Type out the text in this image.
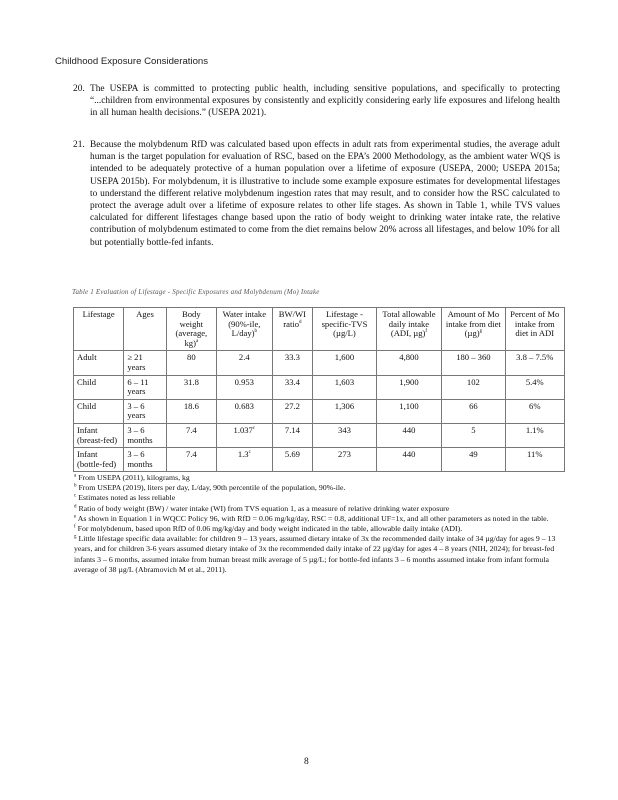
Childhood Exposure Considerations
20. The USEPA is committed to protecting public health, including sensitive populations, and specifically to protecting “...children from environmental exposures by consistently and explicitly considering early life exposures and lifelong health in all human health decisions.” (USEPA 2021).
21. Because the molybdenum RfD was calculated based upon effects in adult rats from experimental studies, the average adult human is the target population for evaluation of RSC, based on the EPA’s 2000 Methodology, as the ambient water WQS is intended to be adequately protective of a human population over a lifetime of exposure (USEPA, 2000; USEPA 2015a; USEPA 2015b). For molybdenum, it is illustrative to include some example exposure estimates for developmental lifestages to understand the different relative molybdenum ingestion rates that may result, and to consider how the RSC calculated to protect the average adult over a lifetime of exposure relates to other life stages. As shown in Table 1, while TVS values calculated for different lifestages change based upon the ratio of body weight to drinking water intake rate, the relative contribution of molybdenum estimated to come from the diet remains below 20% across all lifestages, and below 10% for all but potentially bottle-fed infants.
Table 1 Evaluation of Lifestage - Specific Exposures and Molybdenum (Mo) Intake
Lifestage	Ages	Body weight (average, kg)$^a$	Water intake (90%-ile, L/day)$^b$	BW/WI ratio$^d$	Lifestage - specific-TVS (µg/L)	Total allowable daily intake (ADI, µg)$^f$	Amount of Mo intake from diet $(\mu g)^g$	Percent of Mo intake from diet in ADI
Adult	≥ 21 years	80	2.4	33.3	1,600	4,800	180 – 360	3.8 – 7.5%
Child	6 – 11 years	31.8	0.953	33.4	1,603	1,900	102	5.4%
Child	3 – 6 years	18.6	0.683	27.2	1,306	1,100	66	6%
Infant (breast-fed)	3 – 6 months	7.4	1.037$^c$	7.14	343	440	5	1.1%
Infant (bottle-fed)	3 – 6 months	7.4	1.3$^c$	5.69	273	440	49	11%
$^a$ From USEPA (2011), kilograms, kg
$^b$ From USEPA (2019), liters per day, L/day, 90th percentile of the population, 90%-ile.
$^c$ Estimates noted as less reliable
$^d$ Ratio of body weight (BW) / water intake (WI) from TVS equation 1, as a measure of relative drinking water exposure
$^e$ As shown in Equation 1 in WQCC Policy 96, with RfD = 0.06 mg/kg/day, RSC = 0.8, additional UF=1x, and all other parameters as noted in the table.
$^f$ For molybdenum, based upon RfD of 0.06 mg/kg/day and body weight indicated in the table, allowable daily intake (ADI).
$^g$ Little lifestage specific data available: for children 9 – 13 years, assumed dietary intake of 3x the recommended daily intake of 34 µg/day for ages 9 – 13 years, and for children 3-6 years assumed dietary intake of 3x the recommended daily intake of 22 µg/day for ages 4 – 8 years (NIH, 2024); for breast-fed infants 3 – 6 months, assumed intake from human breast milk average of 5 µg/L; for bottle-fed infants 3 – 6 months assumed intake from infant formula average of 38 µg/L (Abramovich M et al., 2011).
8
